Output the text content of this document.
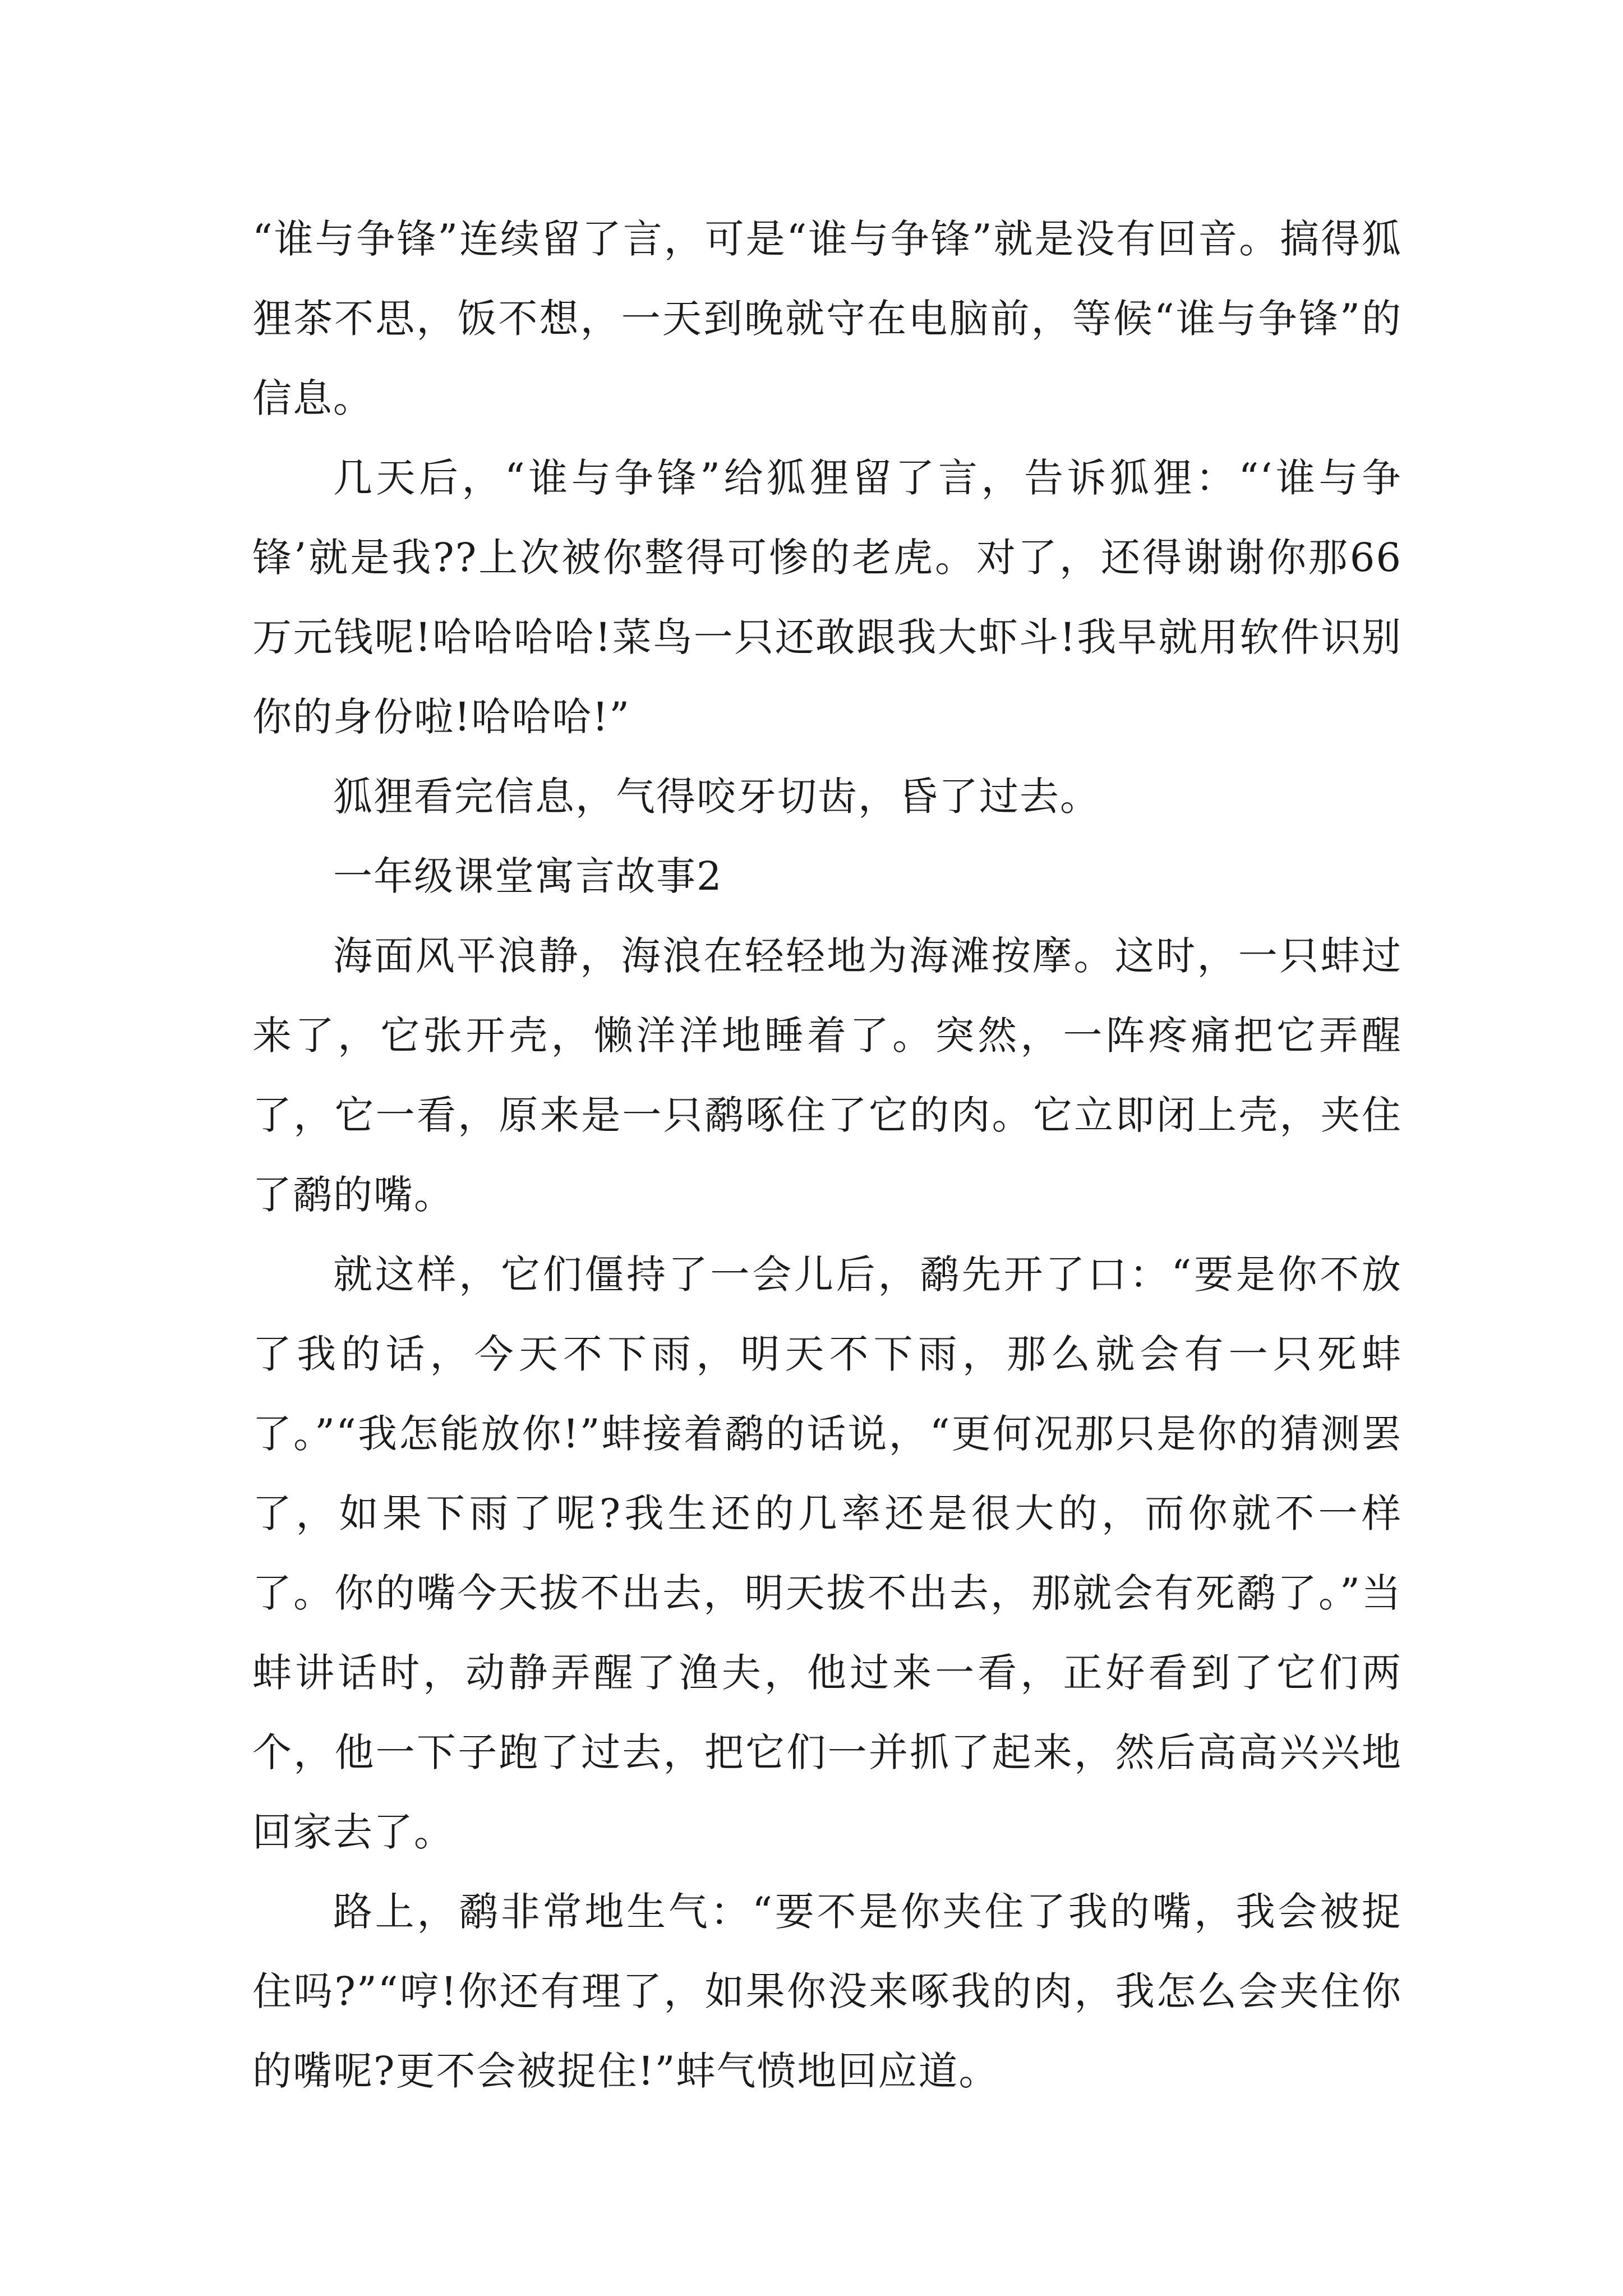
“谁与争锋”连续留了言，可是“谁与争锋”就是没有回音。搞得狐狸茶不思，饭不想，一天到晚就守在电脑前，等候“谁与争锋”的信息。

几天后，“谁与争锋”给狐狸留了言，告诉狐狸：“‘谁与争锋’就是我??上次被你整得可惨的老虎。对了，还得谢谢你那66万元钱呢!哈哈哈哈!菜鸟一只还敢跟我大虾斗!我早就用软件识别你的身份啦!哈哈哈!”

狐狸看完信息，气得咬牙切齿，昏了过去。

一年级课堂寓言故事2

海面风平浪静，海浪在轻轻地为海滩按摩。这时，一只蚌过来了，它张开壳，懒洋洋地睡着了。突然，一阵疼痛把它弄醒了，它一看，原来是一只鹬啄住了它的肉。它立即闭上壳，夹住了鹬的嘴。

就这样，它们僵持了一会儿后，鹬先开了口：“要是你不放了我的话，今天不下雨，明天不下雨，那么就会有一只死蚌了。”“我怎能放你!”蚌接着鹬的话说，“更何况那只是你的猜测罢了，如果下雨了呢?我生还的几率还是很大的，而你就不一样了。你的嘴今天拔不出去，明天拔不出去，那就会有死鹬了。”当蚌讲话时，动静弄醒了渔夫，他过来一看，正好看到了它们两个，他一下子跑了过去，把它们一并抓了起来，然后高高兴兴地回家去了。

路上，鹬非常地生气：“要不是你夹住了我的嘴，我会被捉住吗?”“哼!你还有理了，如果你没来啄我的肉，我怎么会夹住你的嘴呢?更不会被捉住!”蚌气愤地回应道。
